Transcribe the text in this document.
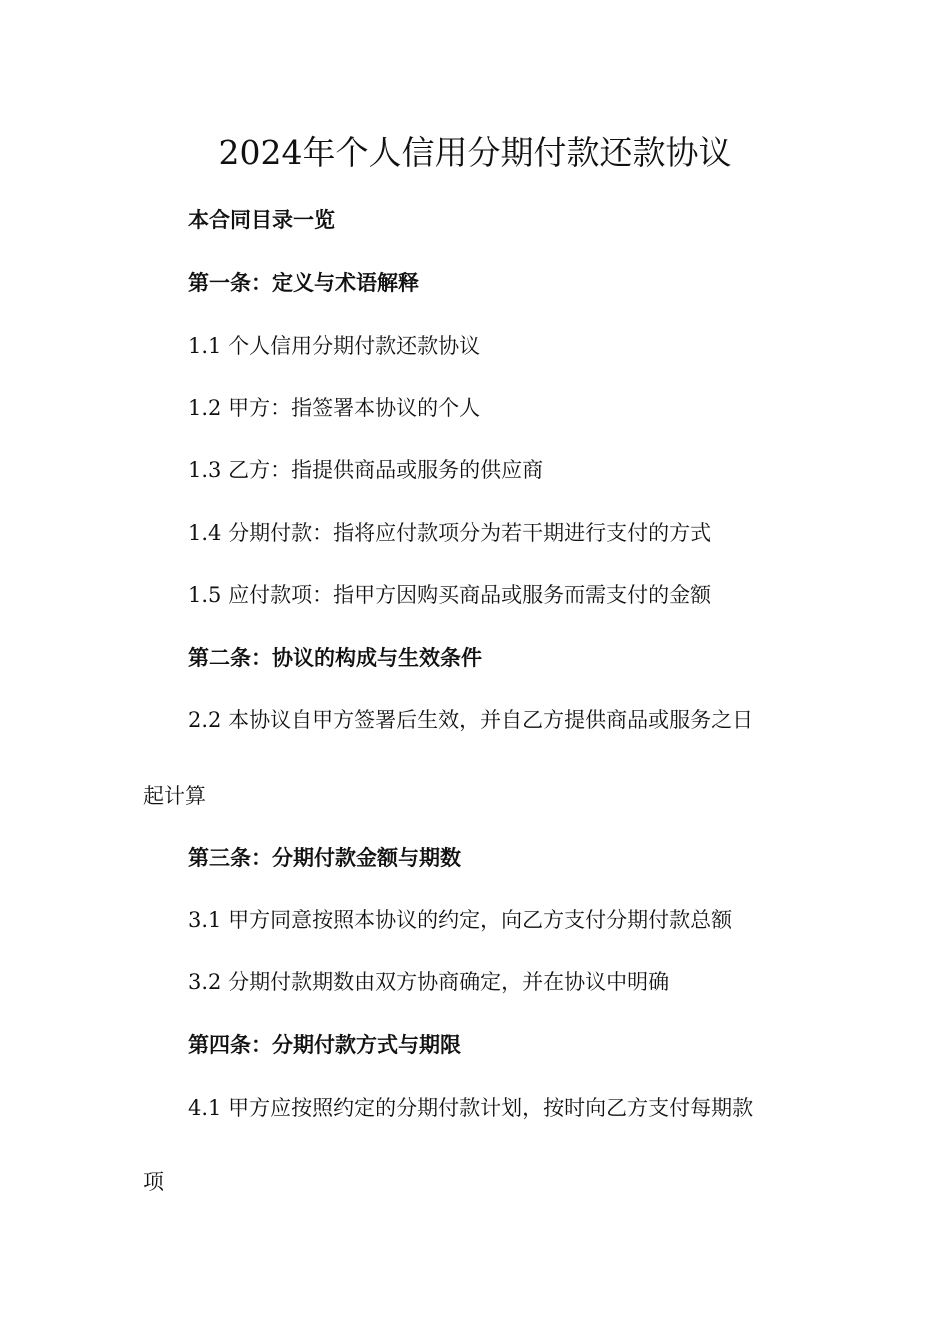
2024年个人信用分期付款还款协议
本合同目录一览
第一条：定义与术语解释
1.1 个人信用分期付款还款协议
1.2 甲方：指签署本协议的个人
1.3 乙方：指提供商品或服务的供应商
1.4 分期付款：指将应付款项分为若干期进行支付的方式
1.5 应付款项：指甲方因购买商品或服务而需支付的金额
第二条：协议的构成与生效条件
2.2 本协议自甲方签署后生效，并自乙方提供商品或服务之日
起计算
第三条：分期付款金额与期数
3.1 甲方同意按照本协议的约定，向乙方支付分期付款总额
3.2 分期付款期数由双方协商确定，并在协议中明确
第四条：分期付款方式与期限
4.1 甲方应按照约定的分期付款计划，按时向乙方支付每期款
项
